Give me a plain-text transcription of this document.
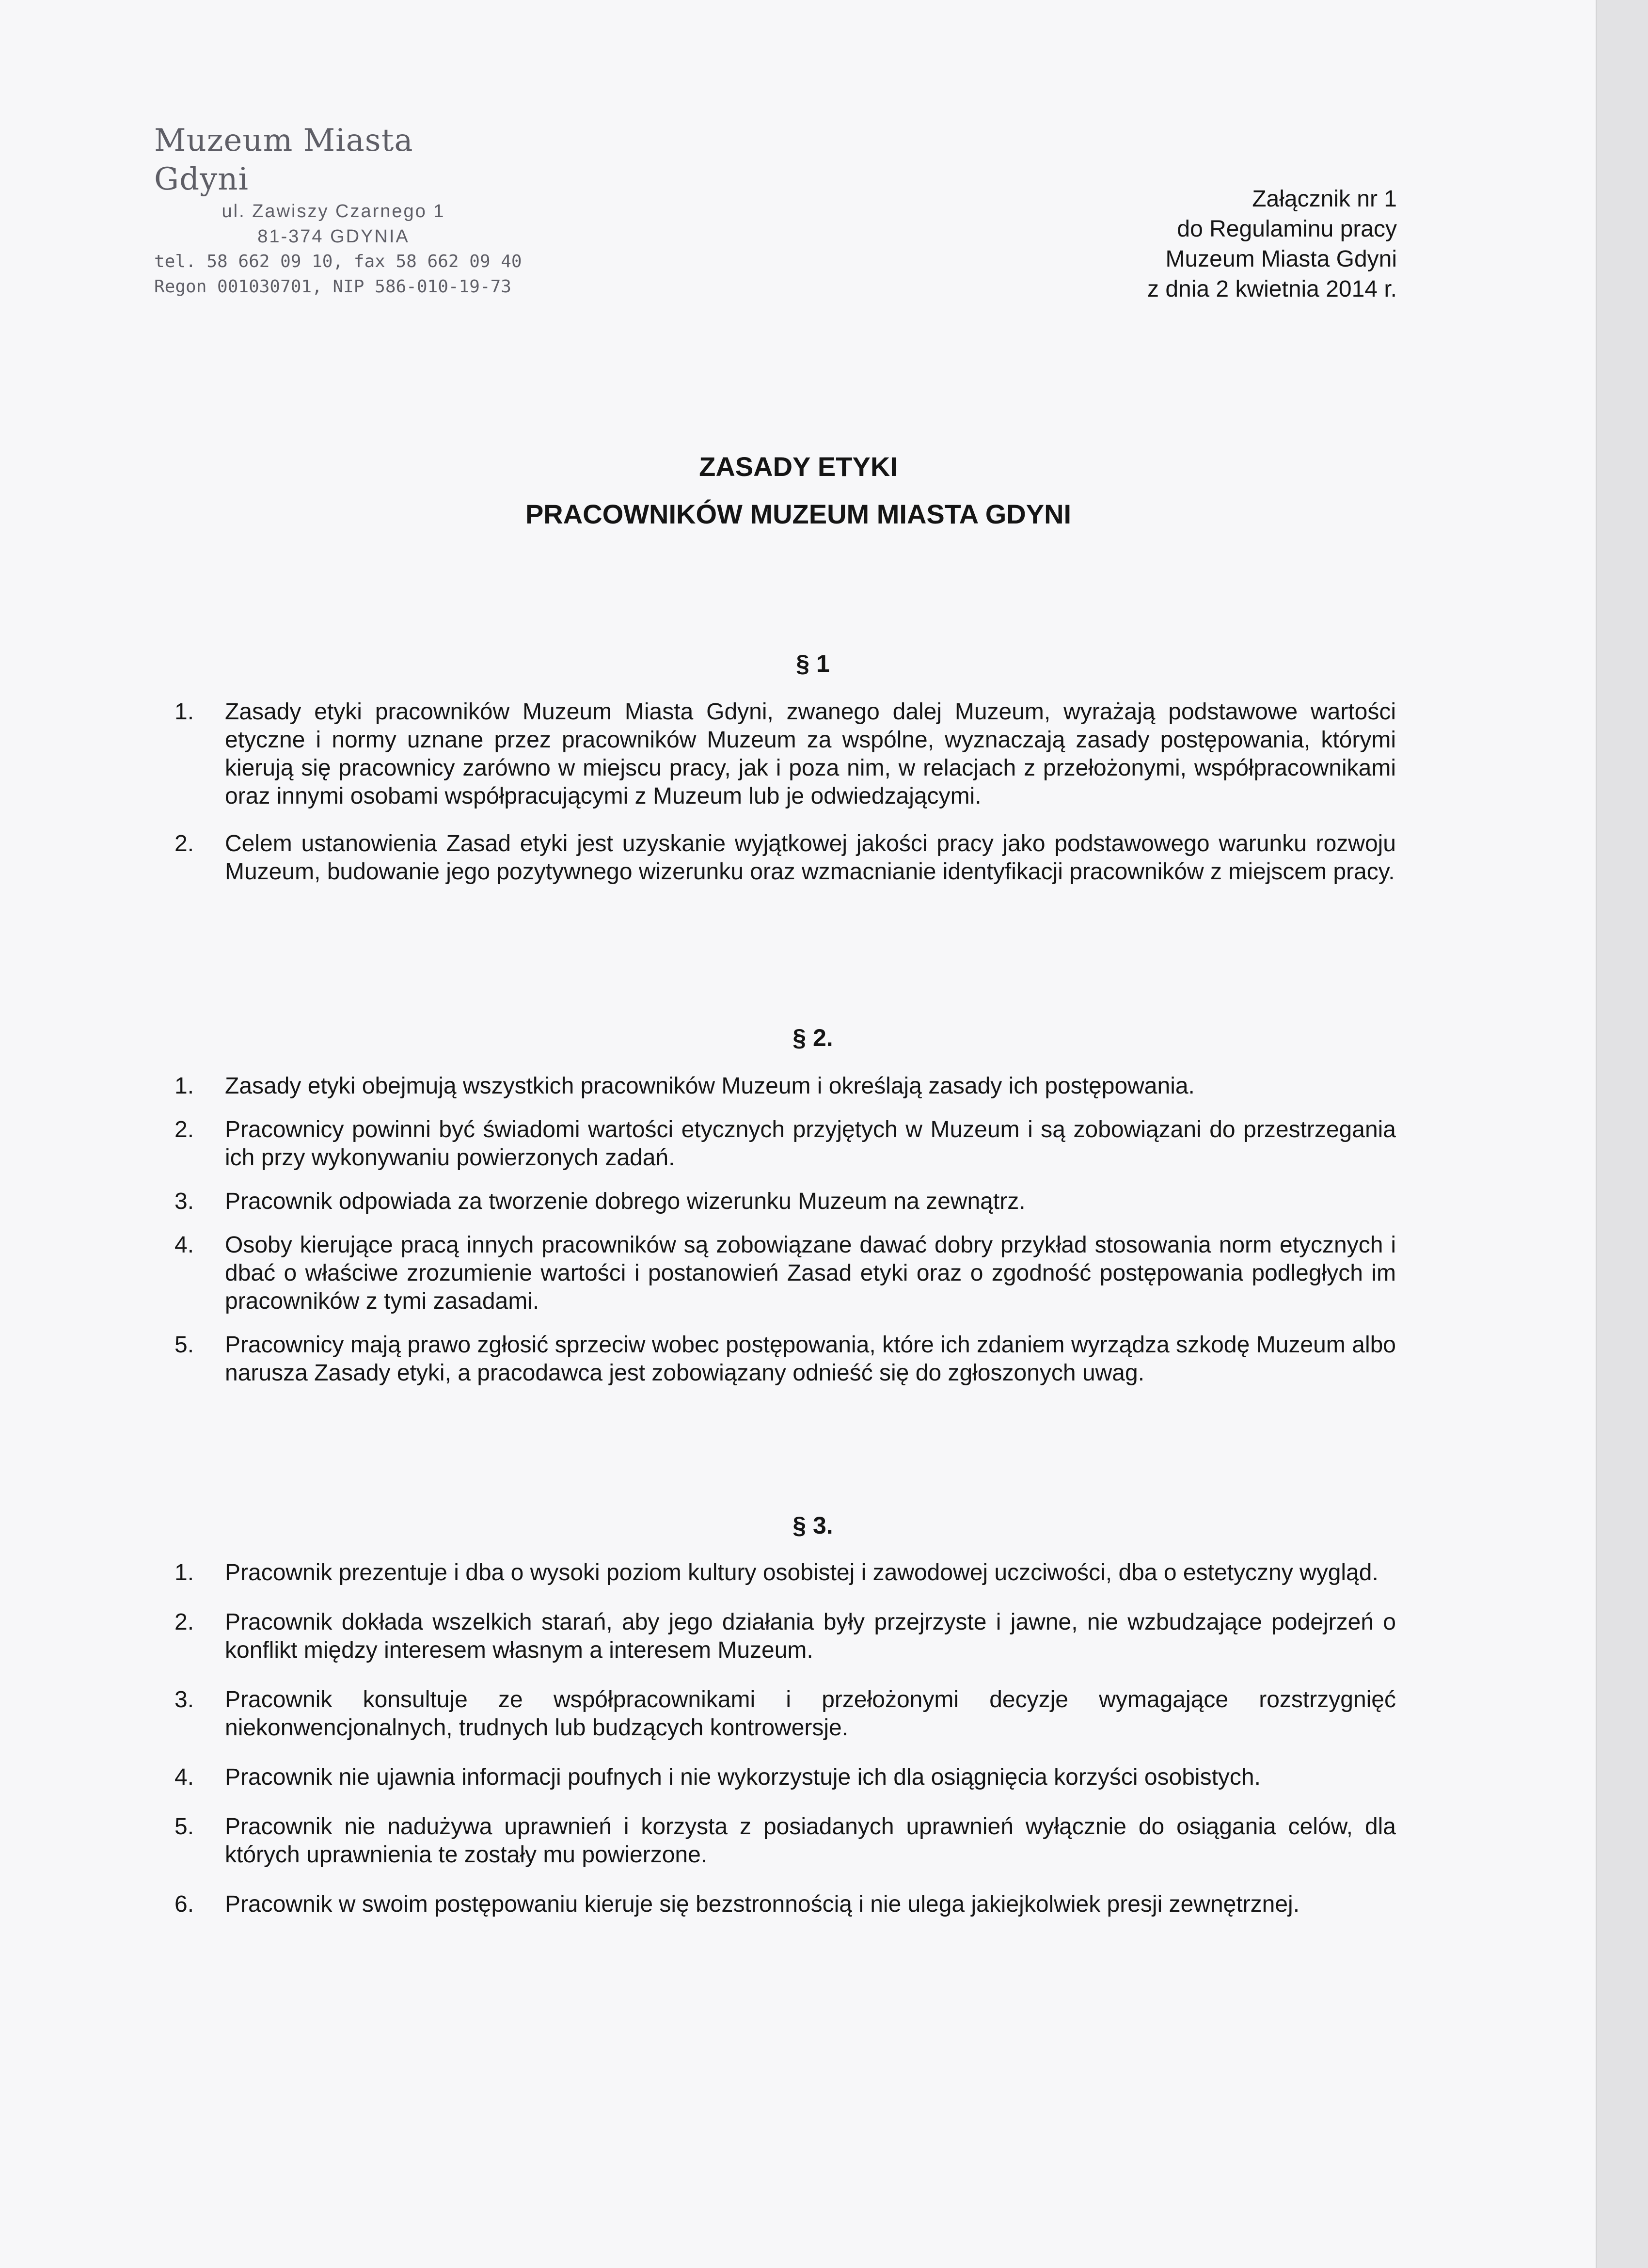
Muzeum Miasta Gdyni
ul. Zawiszy Czarnego 1
81-374 GDYNIA
tel. 58 662 09 10, fax 58 662 09 40
Regon 001030701, NIP 586-010-19-73
Załącznik nr 1
do Regulaminu pracy
Muzeum Miasta Gdyni
z dnia 2 kwietnia 2014 r.
ZASADY ETYKI
PRACOWNIKÓW MUZEUM MIASTA GDYNI
§ 1
1. Zasady etyki pracowników Muzeum Miasta Gdyni, zwanego dalej Muzeum, wyrażają podstawowe wartości etyczne i normy uznane przez pracowników Muzeum za wspólne, wyznaczają zasady postępowania, którymi kierują się pracownicy zarówno w miejscu pracy, jak i poza nim, w relacjach z przełożonymi, współpracownikami oraz innymi osobami współpracującymi z Muzeum lub je odwiedzającymi.
2. Celem ustanowienia Zasad etyki jest uzyskanie wyjątkowej jakości pracy jako podstawowego warunku rozwoju Muzeum, budowanie jego pozytywnego wizerunku oraz wzmacnianie identyfikacji pracowników z miejscem pracy.
§ 2.
1. Zasady etyki obejmują wszystkich pracowników Muzeum i określają zasady ich postępowania.
2. Pracownicy powinni być świadomi wartości etycznych przyjętych w Muzeum i są zobowiązani do przestrzegania ich przy wykonywaniu powierzonych zadań.
3. Pracownik odpowiada za tworzenie dobrego wizerunku Muzeum na zewnątrz.
4. Osoby kierujące pracą innych pracowników są zobowiązane dawać dobry przykład stosowania norm etycznych i dbać o właściwe zrozumienie wartości i postanowień Zasad etyki oraz o zgodność postępowania podległych im pracowników z tymi zasadami.
5. Pracownicy mają prawo zgłosić sprzeciw wobec postępowania, które ich zdaniem wyrządza szkodę Muzeum albo narusza Zasady etyki, a pracodawca jest zobowiązany odnieść się do zgłoszonych uwag.
§ 3.
1. Pracownik prezentuje i dba o wysoki poziom kultury osobistej i zawodowej uczciwości, dba o estetyczny wygląd.
2. Pracownik dokłada wszelkich starań, aby jego działania były przejrzyste i jawne, nie wzbudzające podejrzeń o konflikt między interesem własnym a interesem Muzeum.
3. Pracownik konsultuje ze współpracownikami i przełożonymi decyzje wymagające rozstrzygnięć niekonwencjonalnych, trudnych lub budzących kontrowersje.
4. Pracownik nie ujawnia informacji poufnych i nie wykorzystuje ich dla osiągnięcia korzyści osobistych.
5. Pracownik nie nadużywa uprawnień i korzysta z posiadanych uprawnień wyłącznie do osiągania celów, dla których uprawnienia te zostały mu powierzone.
6. Pracownik w swoim postępowaniu kieruje się bezstronnością i nie ulega jakiejkolwiek presji zewnętrznej.
